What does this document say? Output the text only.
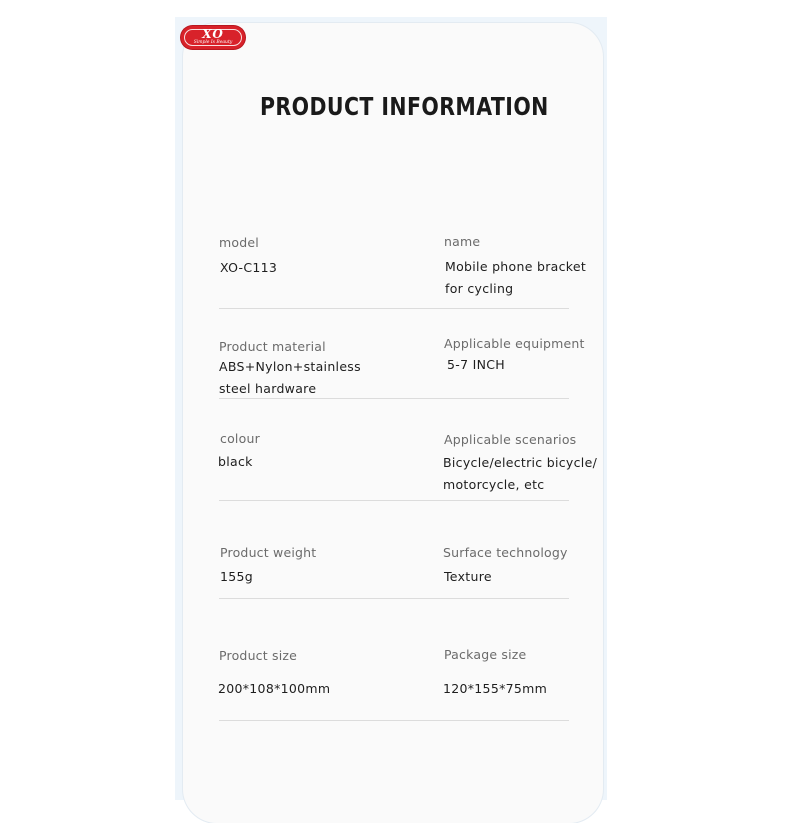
XO
Simple Is Beauty
PRODUCT INFORMATION
model
XO-C113
name
Mobile phone bracket
for cycling
Product material
ABS+Nylon+stainless
steel hardware
Applicable equipment
5-7 INCH
colour
black
Applicable scenarios
Bicycle/electric bicycle/
motorcycle, etc
Product weight
155g
Surface technology
Texture
Product size
200*108*100mm
Package size
120*155*75mm
